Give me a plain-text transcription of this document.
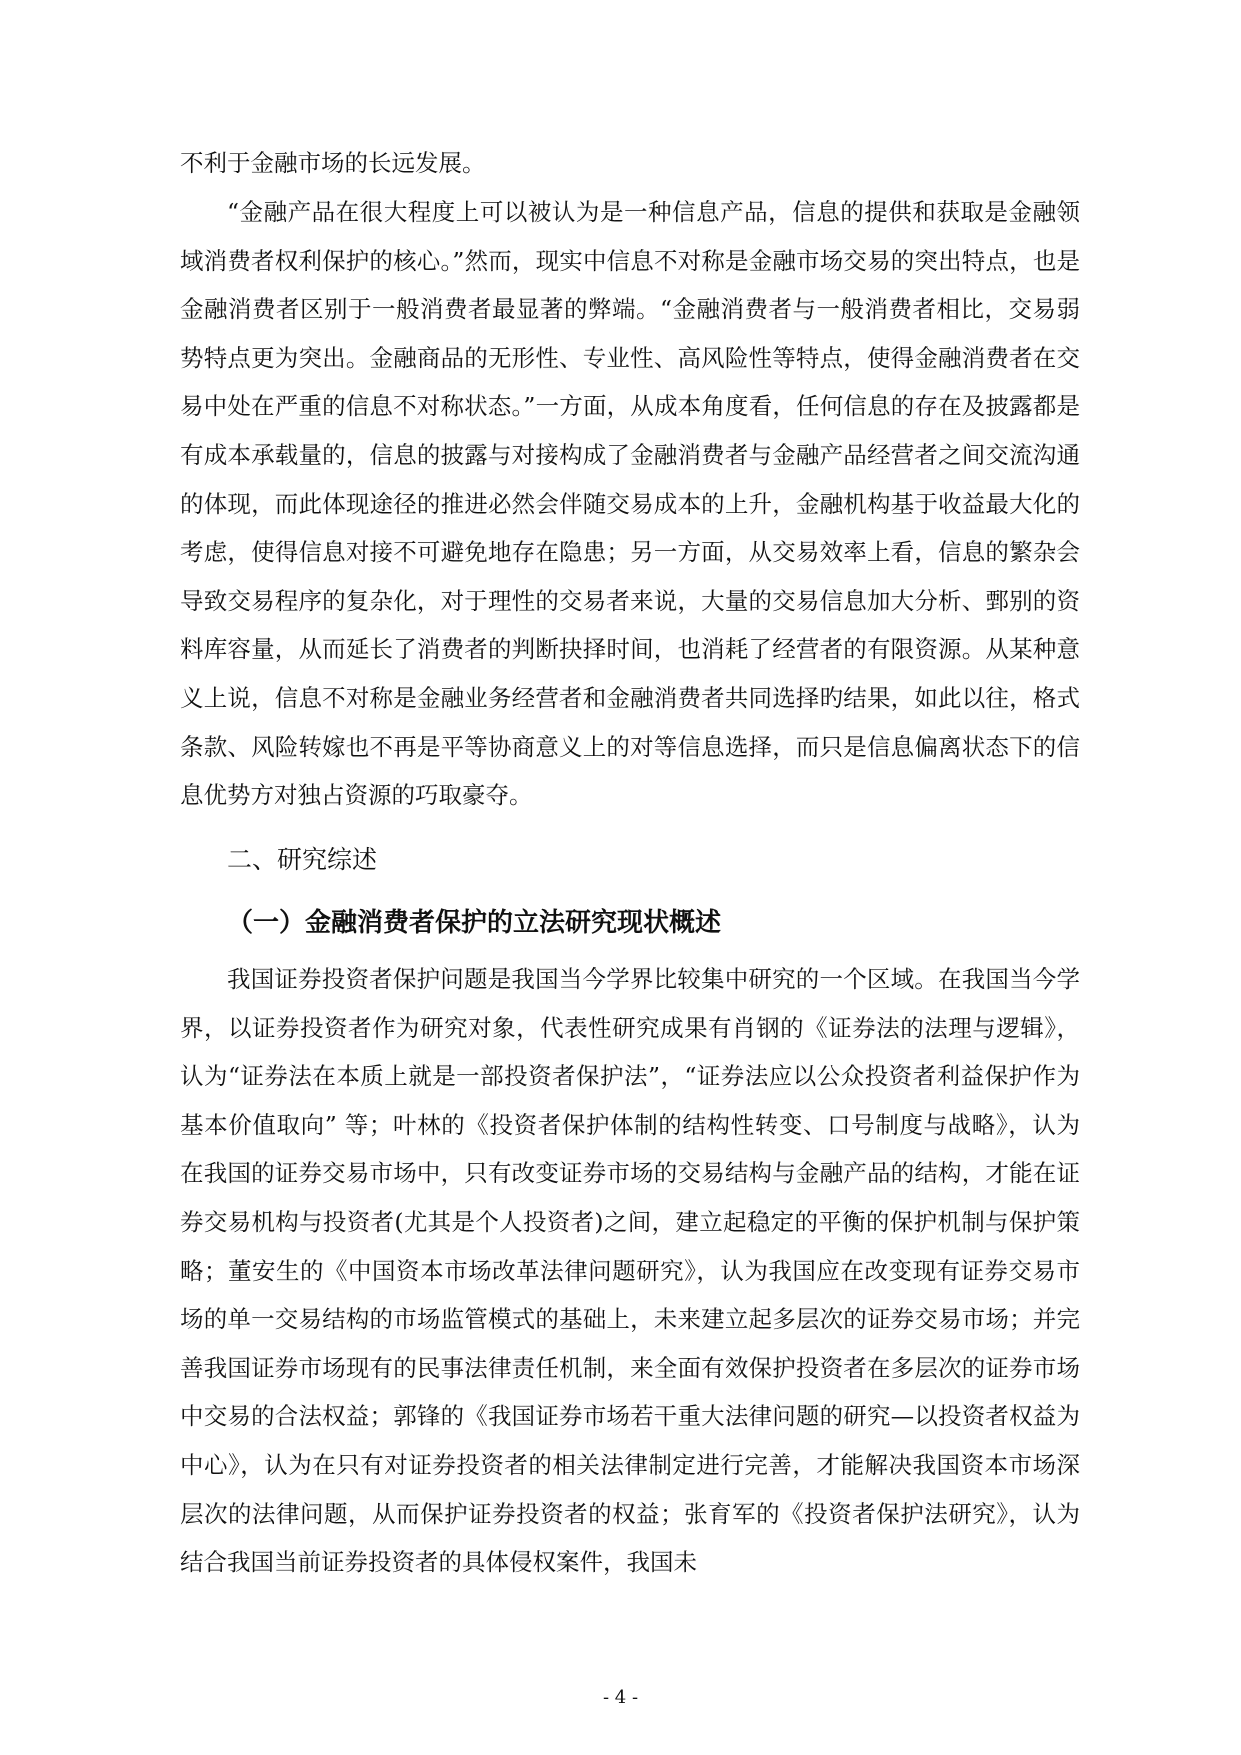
不利于金融市场的长远发展。

“金融产品在很大程度上可以被认为是一种信息产品，信息的提供和获取是金融领域消费者权利保护的核心。”然而，现实中信息不对称是金融市场交易的突出特点，也是金融消费者区别于一般消费者最显著的弊端。“金融消费者与一般消费者相比，交易弱势特点更为突出。金融商品的无形性、专业性、高风险性等特点，使得金融消费者在交易中处在严重的信息不对称状态。”一方面，从成本角度看，任何信息的存在及披露都是有成本承载量的，信息的披露与对接构成了金融消费者与金融产品经营者之间交流沟通的体现，而此体现途径的推进必然会伴随交易成本的上升，金融机构基于收益最大化的考虑，使得信息对接不可避免地存在隐患；另一方面，从交易效率上看，信息的繁杂会导致交易程序的复杂化，对于理性的交易者来说，大量的交易信息加大分析、鄄别的资料库容量，从而延长了消费者的判断抉择时间，也消耗了经营者的有限资源。从某种意义上说，信息不对称是金融业务经营者和金融消费者共同选择旳结果，如此以往，格式条款、风险转嫁也不再是平等协商意义上的对等信息选择，而只是信息偏离状态下的信息优势方对独占资源的巧取豪夺。

二、研究综述
（一）金融消费者保护的立法研究现状概述

我国证券投资者保护问题是我国当今学界比较集中研究的一个区域。在我国当今学界，以证券投资者作为研究对象，代表性研究成果有肖钢的《证券法的法理与逻辑》，认为“证券法在本质上就是一部投资者保护法”，“证券法应以公众投资者利益保护作为基本价值取向” 等；叶林的《投资者保护体制的结构性转变、口号制度与战略》，认为在我国的证券交易市场中，只有改变证券市场的交易结构与金融产品的结构，才能在证券交易机构与投资者(尤其是个人投资者)之间，建立起稳定的平衡的保护机制与保护策略；董安生的《中国资本市场改革法律问题研究》，认为我国应在改变现有证券交易市场的单一交易结构的市场监管模式的基础上，未来建立起多层次的证券交易市场；并完善我国证券市场现有的民事法律责任机制，来全面有效保护投资者在多层次的证券市场中交易的合法权益；郭锋的《我国证券市场若干重大法律问题的研究—以投资者权益为中心》，认为在只有对证券投资者的相关法律制定进行完善，才能解决我国资本市场深层次的法律问题，从而保护证券投资者的权益；张育军的《投资者保护法研究》，认为结合我国当前证券投资者的具体侵权案件，我国未

- 4 -
